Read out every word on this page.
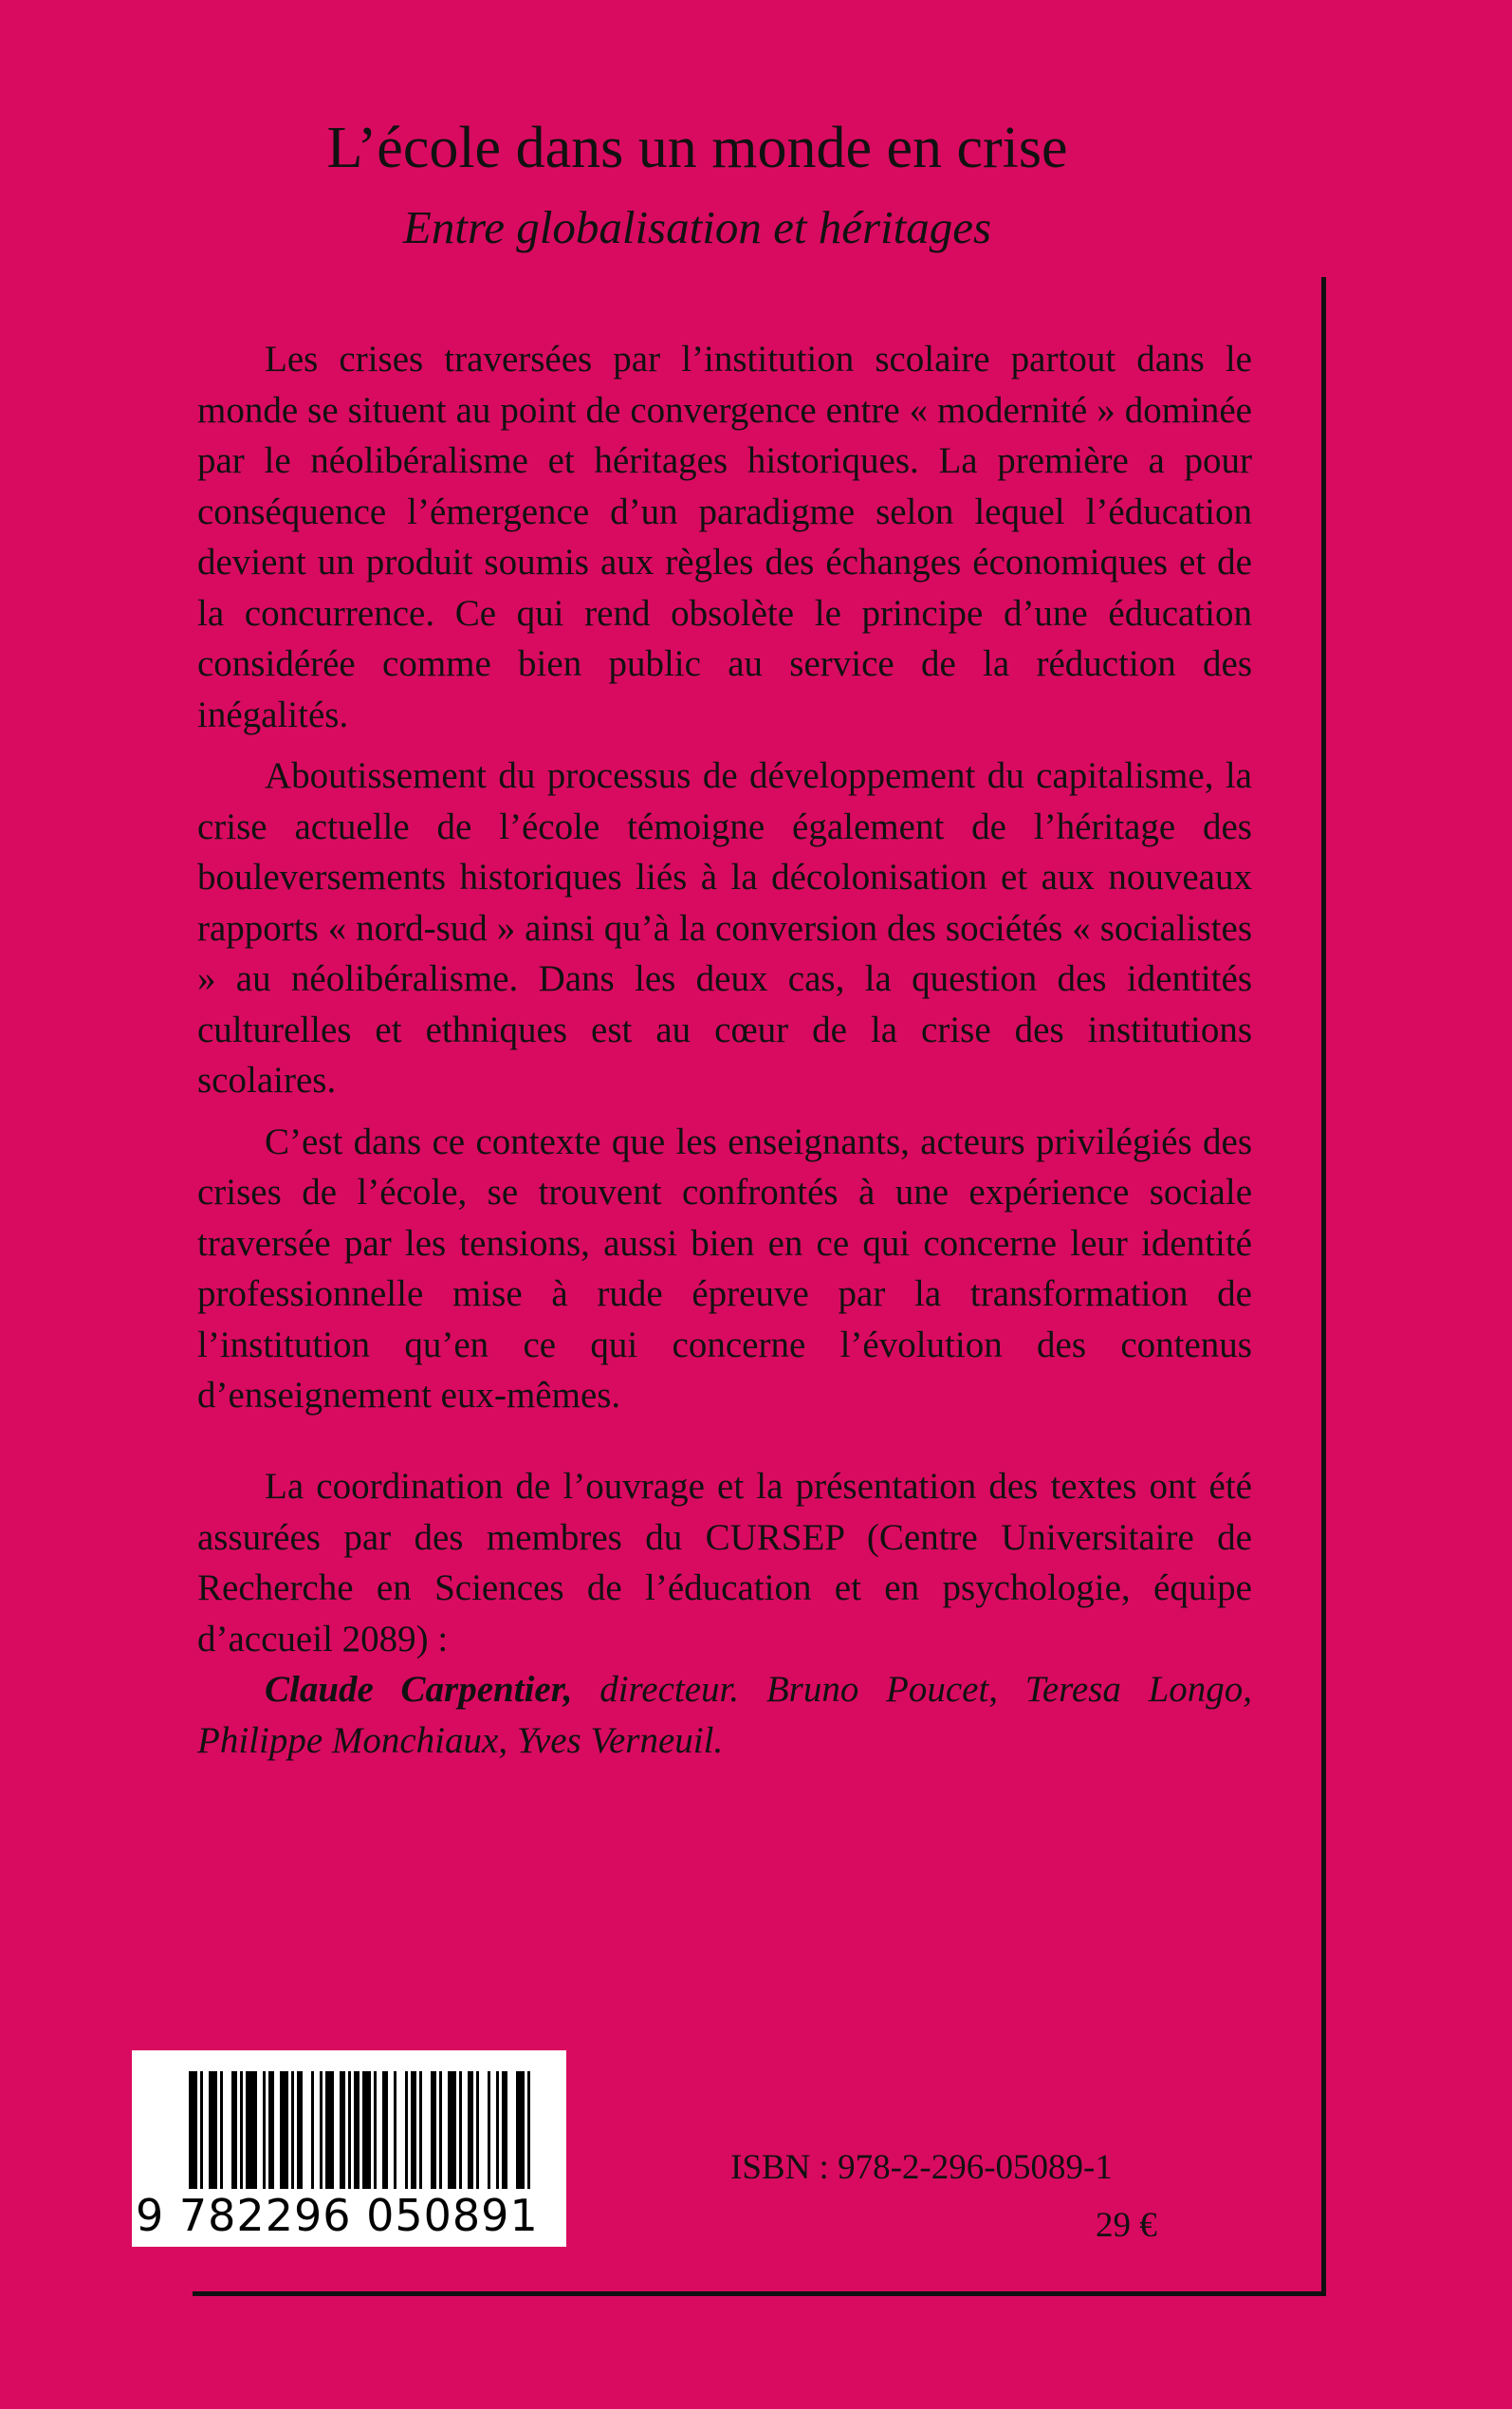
L’école dans un monde en crise
Entre globalisation et héritages

Les crises traversées par l’institution scolaire partout dans le monde se situent au point de convergence entre « modernité » dominée par le néolibéralisme et héritages historiques. La première a pour conséquence l’émergence d’un paradigme selon lequel l’éducation devient un produit soumis aux règles des échanges économiques et de la concurrence. Ce qui rend obsolète le principe d’une éducation considérée comme bien public au service de la réduction des inégalités.

Aboutissement du processus de développement du capitalisme, la crise actuelle de l’école témoigne également de l’héritage des bouleversements historiques liés à la décolonisation et aux nouveaux rapports « nord-sud » ainsi qu’à la conversion des sociétés « socialistes » au néolibéralisme. Dans les deux cas, la question des identités culturelles et ethniques est au cœur de la crise des institutions scolaires.

C’est dans ce contexte que les enseignants, acteurs privilégiés des crises de l’école, se trouvent confrontés à une expérience sociale traversée par les tensions, aussi bien en ce qui concerne leur identité professionnelle mise à rude épreuve par la transformation de l’institution qu’en ce qui concerne l’évolution des contenus d’enseignement eux-mêmes.

La coordination de l’ouvrage et la présentation des textes ont été assurées par des membres du CURSEP (Centre Universitaire de Recherche en Sciences de l’éducation et en psychologie, équipe d’accueil 2089) :

Claude Carpentier, directeur. Bruno Poucet, Teresa Longo, Philippe Monchiaux, Yves Verneuil.

9 782296 050891
ISBN : 978-2-296-05089-1
29 €
